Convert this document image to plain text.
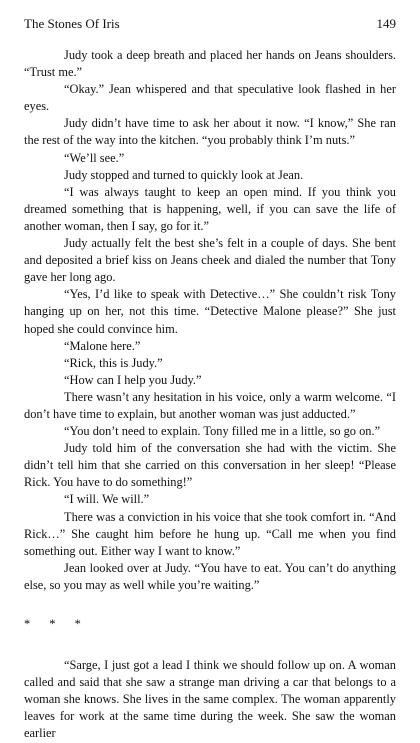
The Stones Of Iris	149

Judy took a deep breath and placed her hands on Jeans shoulders. “Trust me.”

“Okay.” Jean whispered and that speculative look flashed in her eyes.

Judy didn’t have time to ask her about it now. “I know,” She ran the rest of the way into the kitchen. “you probably think I’m nuts.”

“We’ll see.”

Judy stopped and turned to quickly look at Jean.

“I was always taught to keep an open mind. If you think you dreamed something that is happening, well, if you can save the life of another woman, then I say, go for it.”

Judy actually felt the best she’s felt in a couple of days. She bent and deposited a brief kiss on Jeans cheek and dialed the number that Tony gave her long ago.

“Yes, I’d like to speak with Detective…” She couldn’t risk Tony hanging up on her, not this time. “Detective Malone please?” She just hoped she could convince him.

“Malone here.”

“Rick, this is Judy.”

“How can I help you Judy.”

There wasn’t any hesitation in his voice, only a warm welcome. “I don’t have time to explain, but another woman was just adducted.”

“You don’t need to explain. Tony filled me in a little, so go on.”

Judy told him of the conversation she had with the victim. She didn’t tell him that she carried on this conversation in her sleep! “Please Rick. You have to do something!”

“I will. We will.”

There was a conviction in his voice that she took comfort in. “And Rick…” She caught him before he hung up. “Call me when you find something out. Either way I want to know.”

Jean looked over at Judy. “You have to eat. You can’t do anything else, so you may as well while you’re waiting.”

* * *

“Sarge, I just got a lead I think we should follow up on. A woman called and said that she saw a strange man driving a car that belongs to a woman she knows. She lives in the same complex. The woman apparently leaves for work at the same time during the week. She saw the woman earlier
